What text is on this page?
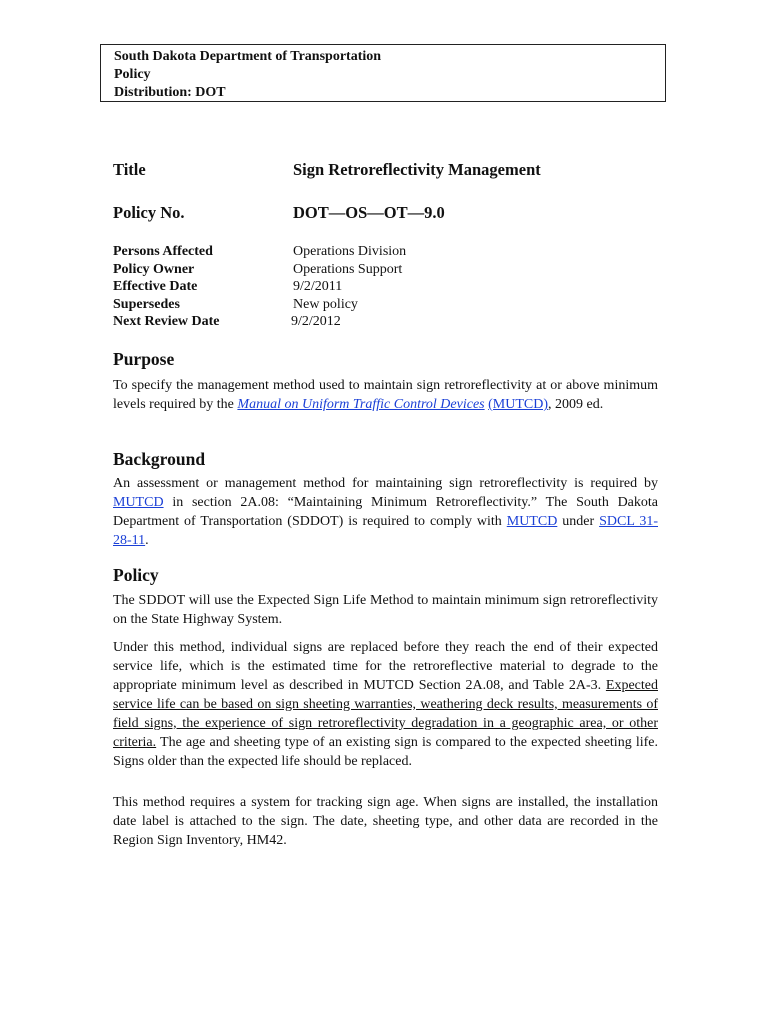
South Dakota Department of Transportation
Policy
Distribution: DOT
Title	Sign Retroreflectivity Management
Policy No.	DOT—OS—OT—9.0
Persons Affected	Operations Division
Policy Owner	Operations Support
Effective Date	9/2/2011
Supersedes	New policy
Next Review Date	9/2/2012
Purpose
To specify the management method used to maintain sign retroreflectivity at or above minimum levels required by the Manual on Uniform Traffic Control Devices (MUTCD), 2009 ed.
Background
An assessment or management method for maintaining sign retroreflectivity is required by MUTCD in section 2A.08: “Maintaining Minimum Retroreflectivity.” The South Dakota Department of Transportation (SDDOT) is required to comply with MUTCD under SDCL 31-28-11.
Policy
The SDDOT will use the Expected Sign Life Method to maintain minimum sign retroreflectivity on the State Highway System.
Under this method, individual signs are replaced before they reach the end of their expected service life, which is the estimated time for the retroreflective material to degrade to the appropriate minimum level as described in MUTCD Section 2A.08, and Table 2A-3. Expected service life can be based on sign sheeting warranties, weathering deck results, measurements of field signs, the experience of sign retroreflectivity degradation in a geographic area, or other criteria. The age and sheeting type of an existing sign is compared to the expected sheeting life. Signs older than the expected life should be replaced.
This method requires a system for tracking sign age. When signs are installed, the installation date label is attached to the sign. The date, sheeting type, and other data are recorded in the Region Sign Inventory, HM42.
